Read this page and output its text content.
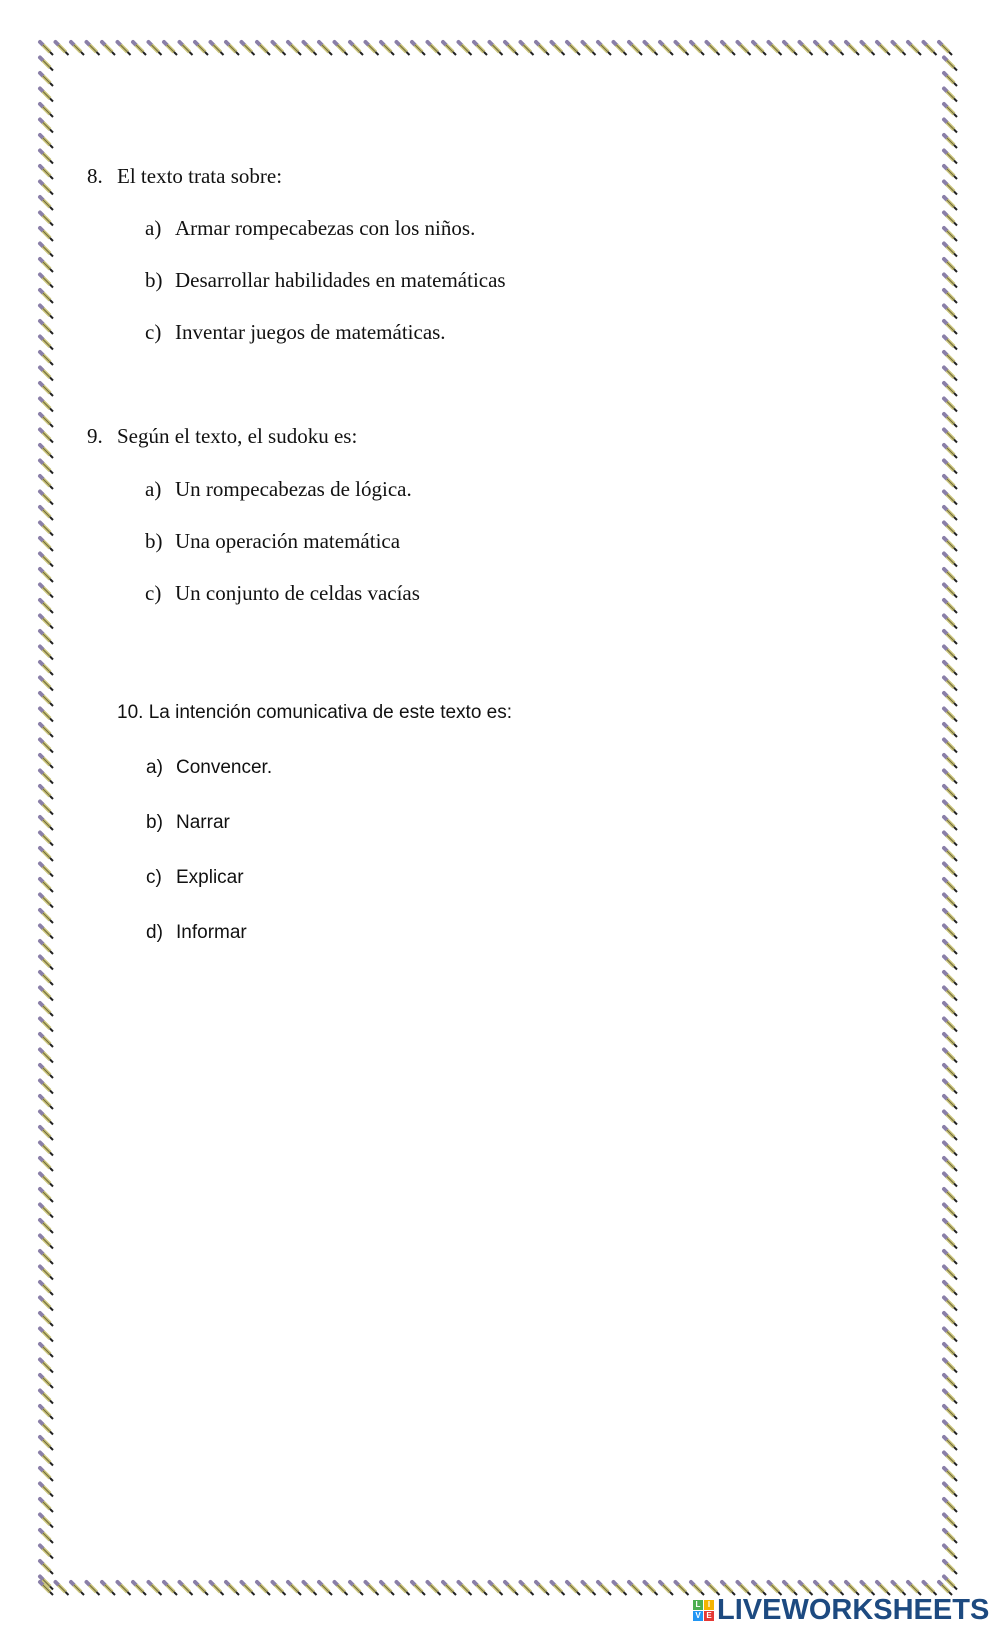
8. El texto trata sobre:
a) Armar rompecabezas con los niños.
b) Desarrollar habilidades en matemáticas
c) Inventar juegos de matemáticas.
9. Según el texto, el sudoku es:
a) Un rompecabezas de lógica.
b) Una operación matemática
c) Un conjunto de celdas vacías
10. La intención comunicativa de este texto es:
a) Convencer.
b) Narrar
c) Explicar
d) Informar
L I
V E LIVEWORKSHEETS
